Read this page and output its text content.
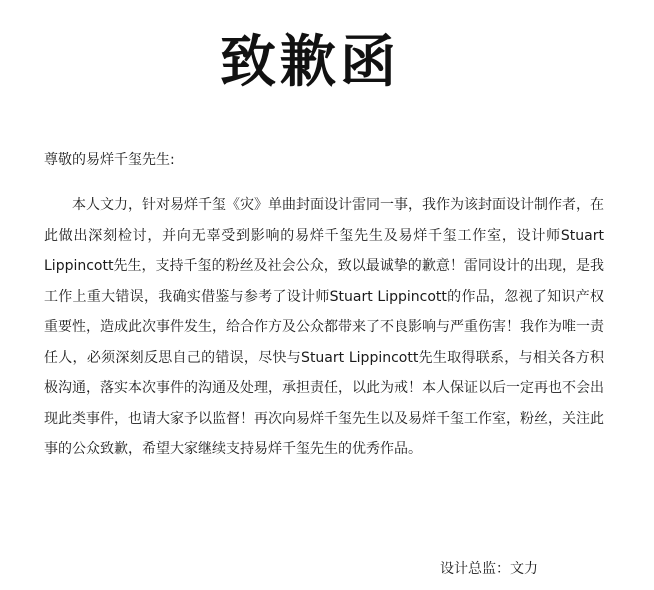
致歉函
尊敬的易烊千玺先生:

本人文力，针对易烊千玺《灾》单曲封面设计雷同一事，我作为该封面设计制作者，在此做出深刻检讨，并向无辜受到影响的易烊千玺先生及易烊千玺工作室，设计师Stuart Lippincott先生，支持千玺的粉丝及社会公众，致以最诚挚的歉意！雷同设计的出现，是我工作上重大错误，我确实借鉴与参考了设计师Stuart Lippincott的作品，忽视了知识产权重要性，造成此次事件发生，给合作方及公众都带来了不良影响与严重伤害！我作为唯一责任人，必须深刻反思自己的错误，尽快与Stuart Lippincott先生取得联系，与相关各方积极沟通，落实本次事件的沟通及处理，承担责任，以此为戒！本人保证以后一定再也不会出现此类事件，也请大家予以监督！再次向易烊千玺先生以及易烊千玺工作室，粉丝，关注此事的公众致歉，希望大家继续支持易烊千玺先生的优秀作品。

设计总监：文力
